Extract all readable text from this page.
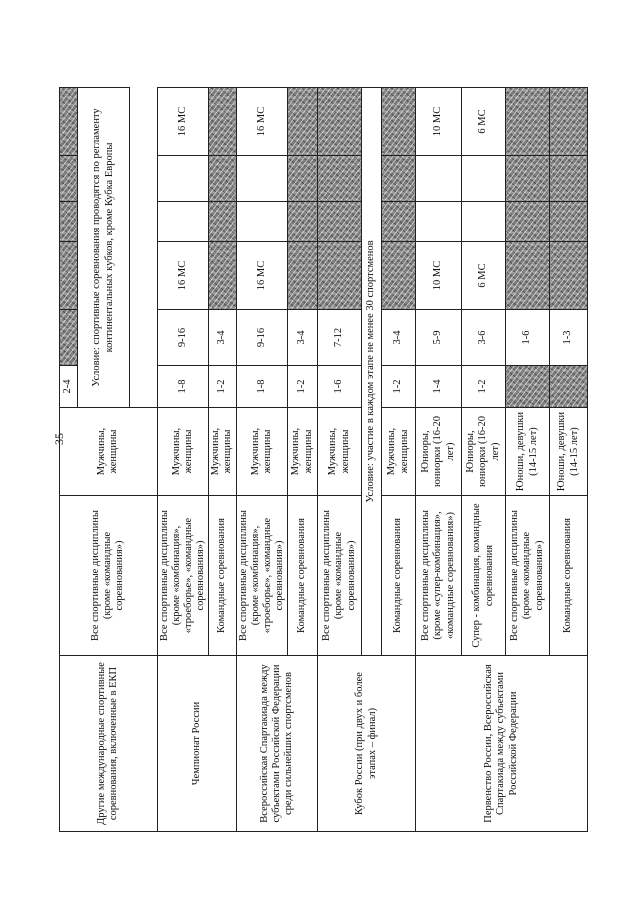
35
Другие международные спортивные соревнования, включенные в ЕКП	Все спортивные дисциплины (кроме «командные соревнования»)	Мужчины, женщины	2-4					
			Условие: спортивные соревнования проводятся по регламенту континентальных кубков, кроме Кубка Европы					

Чемпионат России	Все спортивные дисциплины (кроме «комбинация», «троеборье», «командные соревнования»)	Мужчины, женщины	1-8	9-16	16 МС			16 МС
	Командные соревнования	Мужчины, женщины	1-2	3-4				
Всероссийская Спартакиада между субъектами Российской Федерации среди сильнейших спортсменов	Все спортивные дисциплины (кроме «комбинация», «троеборье», «командные соревнования»)	Мужчины, женщины	1-8	9-16	16 МС			16 МС
	Командные соревнования	Мужчины, женщины	1-2	3-4				
Кубок России (при двух и более этапах – финал)	Все спортивные дисциплины (кроме «командные соревнования»)	Мужчины, женщины	1-6	7-12				
	Условие: участие в каждом этапе не менее 30 спортсменов							
	Командные соревнования	Мужчины, женщины	1-2	3-4				
Первенство России, Всероссийская Спартакиада между субъектами Российской Федерации	Все спортивные дисциплины (кроме «супер-комбинация», «командные соревнования»)	Юниоры, юниорки (16-20 лет)	1-4	5-9	10 МС			10 МС
	Супер - комбинация, командные соревнования	Юниоры, юниорки (16-20 лет)	1-2	3-6	6 МС			6 МС
	Все спортивные дисциплины (кроме «командные соревнования»)	Юноши, девушки (14-15 лет)		1-6				
	Командные соревнования	Юноши, девушки (14-15 лет)		1-3				
